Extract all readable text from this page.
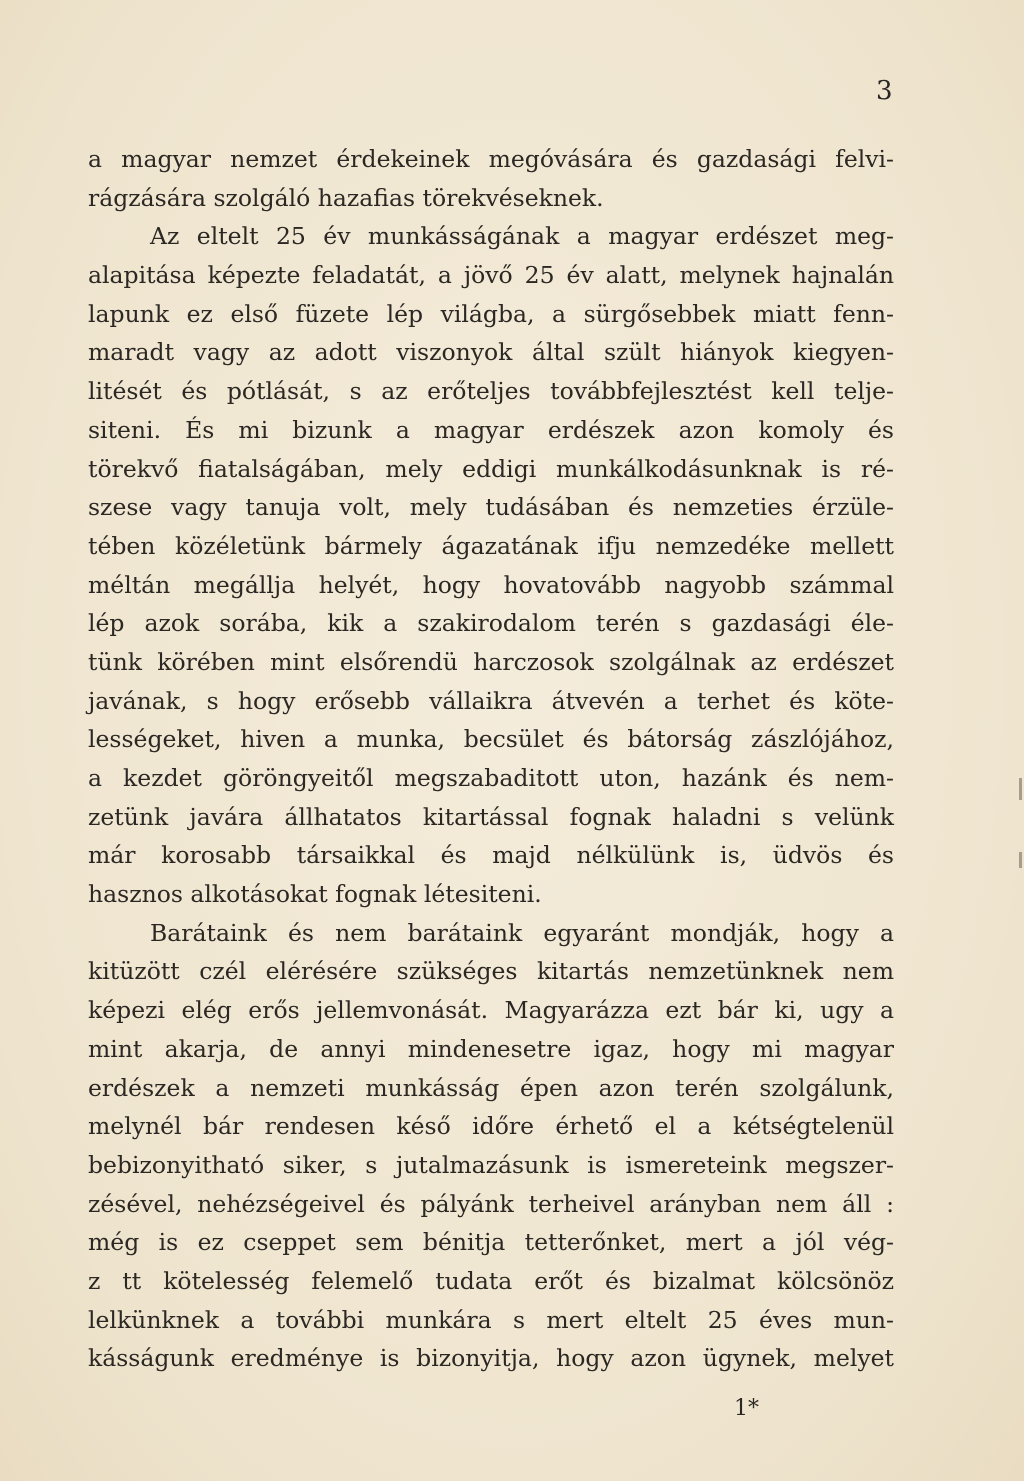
3
a magyar nemzet érdekeinek megóvására és gazdasági felvi-
rágzására szolgáló hazafias törekvéseknek.
Az eltelt 25 év munkásságának a magyar erdészet meg-
alapitása képezte feladatát, a jövő 25 év alatt, melynek hajnalán
lapunk ez első füzete lép világba, a sürgősebbek miatt fenn-
maradt vagy az adott viszonyok által szült hiányok kiegyen-
litését és pótlását, s az erőteljes továbbfejlesztést kell telje-
siteni. És mi bizunk a magyar erdészek azon komoly és
törekvő fiatalságában, mely eddigi munkálkodásunknak is ré-
szese vagy tanuja volt, mely tudásában és nemzeties érzüle-
tében közéletünk bármely ágazatának ifju nemzedéke mellett
méltán megállja helyét, hogy hovatovább nagyobb számmal
lép azok sorába, kik a szakirodalom terén s gazdasági éle-
tünk körében mint elsőrendü harczosok szolgálnak az erdészet
javának, s hogy erősebb vállaikra átvevén a terhet és köte-
lességeket, hiven a munka, becsület és bátorság zászlójához,
a kezdet göröngyeitől megszabaditott uton, hazánk és nem-
zetünk javára állhatatos kitartással fognak haladni s velünk
már korosabb társaikkal és majd nélkülünk is, üdvös és
hasznos alkotásokat fognak létesiteni.
Barátaink és nem barátaink egyaránt mondják, hogy a
kitüzött czél elérésére szükséges kitartás nemzetünknek nem
képezi elég erős jellemvonását. Magyarázza ezt bár ki, ugy a
mint akarja, de annyi mindenesetre igaz, hogy mi magyar
erdészek a nemzeti munkásság épen azon terén szolgálunk,
melynél bár rendesen késő időre érhető el a kétségtelenül
bebizonyitható siker, s jutalmazásunk is ismereteink megszer-
zésével, nehézségeivel és pályánk terheivel arányban nem áll :
még is ez cseppet sem bénitja tetterőnket, mert a jól vég-
z tt kötelesség felemelő tudata erőt és bizalmat kölcsönöz
lelkünknek a további munkára s mert eltelt 25 éves mun-
kásságunk eredménye is bizonyitja, hogy azon ügynek, melyet
1*
